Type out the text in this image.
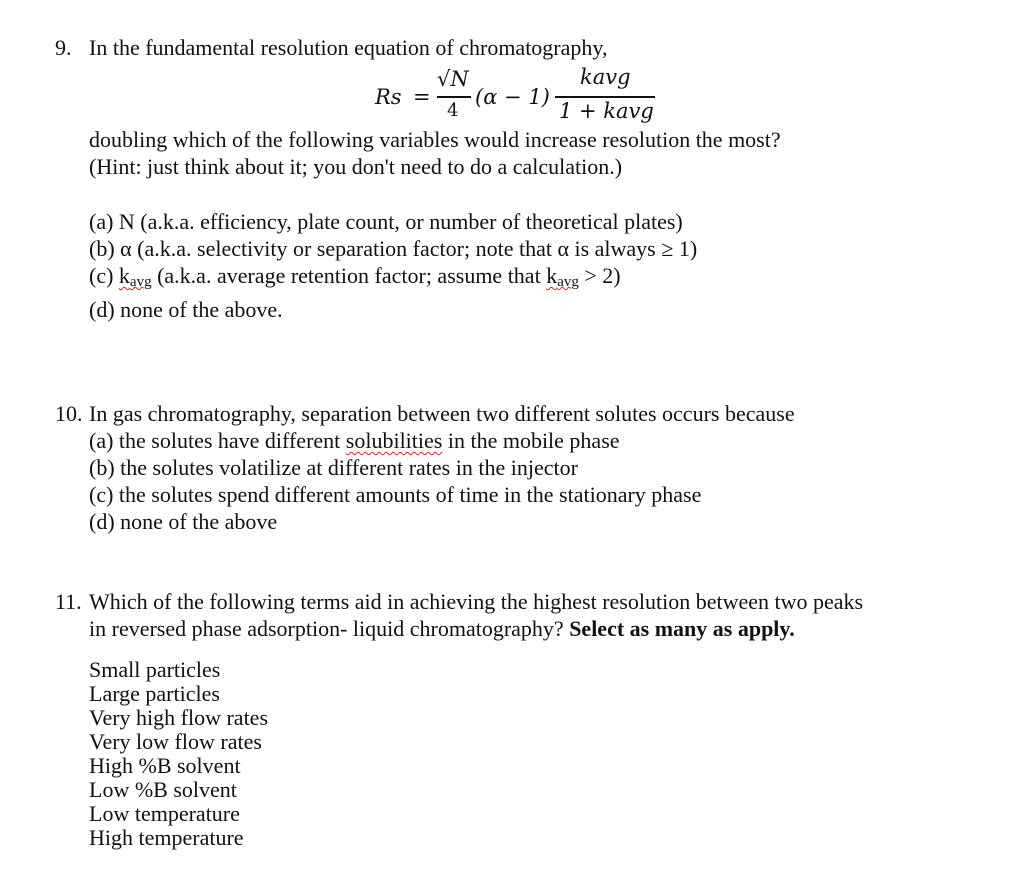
9. In the fundamental resolution equation of chromatography,
Rs =
√N
4
(α − 1)
kavg
1 + kavg
doubling which of the following variables would increase resolution the most?
(Hint: just think about it; you don't need to do a calculation.)
(a) N (a.k.a. efficiency, plate count, or number of theoretical plates)
(b) α (a.k.a. selectivity or separation factor; note that α is always ≥ 1)
(c) $k_{avg}$ (a.k.a. average retention factor; assume that $k_{avg} > 2$)
(d) none of the above.
10. In gas chromatography, separation between two different solutes occurs because
(a) the solutes have different solubilities in the mobile phase
(b) the solutes volatilize at different rates in the injector
(c) the solutes spend different amounts of time in the stationary phase
(d) none of the above
11. Which of the following terms aid in achieving the highest resolution between two peaks
in reversed phase adsorption- liquid chromatography? Select as many as apply.
Small particles
Large particles
Very high flow rates
Very low flow rates
High %B solvent
Low %B solvent
Low temperature
High temperature
